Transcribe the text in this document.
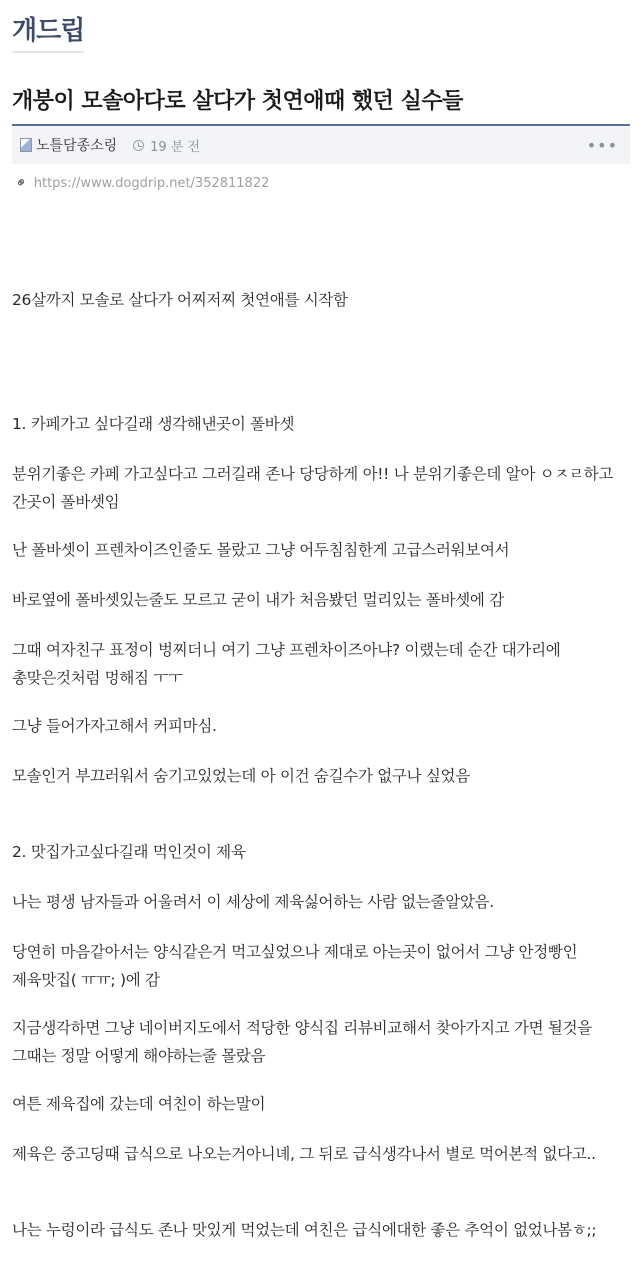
개드립
개붕이 모솔아다로 살다가 첫연애때 했던 실수들
노틀담종소링	19 분 전	•••
⚭ https://www.dogdrip.net/352811822
26살까지 모솔로 살다가 어찌저찌 첫연애를 시작함
1. 카페가고 싶다길래 생각해낸곳이 폴바셋
분위기좋은 카페 가고싶다고 그러길래 존나 당당하게 아!! 나 분위기좋은데 알아 ㅇㅈㄹ하고 간곳이 폴바셋임
난 폴바셋이 프렌차이즈인줄도 몰랐고 그냥 어두침침한게 고급스러워보여서
바로옆에 폴바셋있는줄도 모르고 굳이 내가 처음봤던 멀리있는 폴바셋에 감
그때 여자친구 표정이 벙찌더니 여기 그냥 프렌차이즈아냐? 이랬는데 순간 대가리에 총맞은것처럼 멍해짐 ㅜㅜ
그냥 들어가자고해서 커피마심.
모솔인거 부끄러워서 숨기고있었는데 아 이건 숨길수가 없구나 싶었음
2. 맛집가고싶다길래 먹인것이 제육
나는 평생 남자들과 어울려서 이 세상에 제육싫어하는 사람 없는줄알았음.
당연히 마음같아서는 양식같은거 먹고싶었으나 제대로 아는곳이 없어서 그냥 안정빵인 제육맛집( ㅠㅠ; )에 감
지금생각하면 그냥 네이버지도에서 적당한 양식집 리뷰비교해서 찾아가지고 가면 될것을 그때는 정말 어떻게 해야하는줄 몰랐음
여튼 제육집에 갔는데 여친이 하는말이
제육은 중고딩때 급식으로 나오는거아니녜, 그 뒤로 급식생각나서 별로 먹어본적 없다고..
나는 누렁이라 급식도 존나 맛있게 먹었는데 여친은 급식에대한 좋은 추억이 없었나봄ㅎ;;
